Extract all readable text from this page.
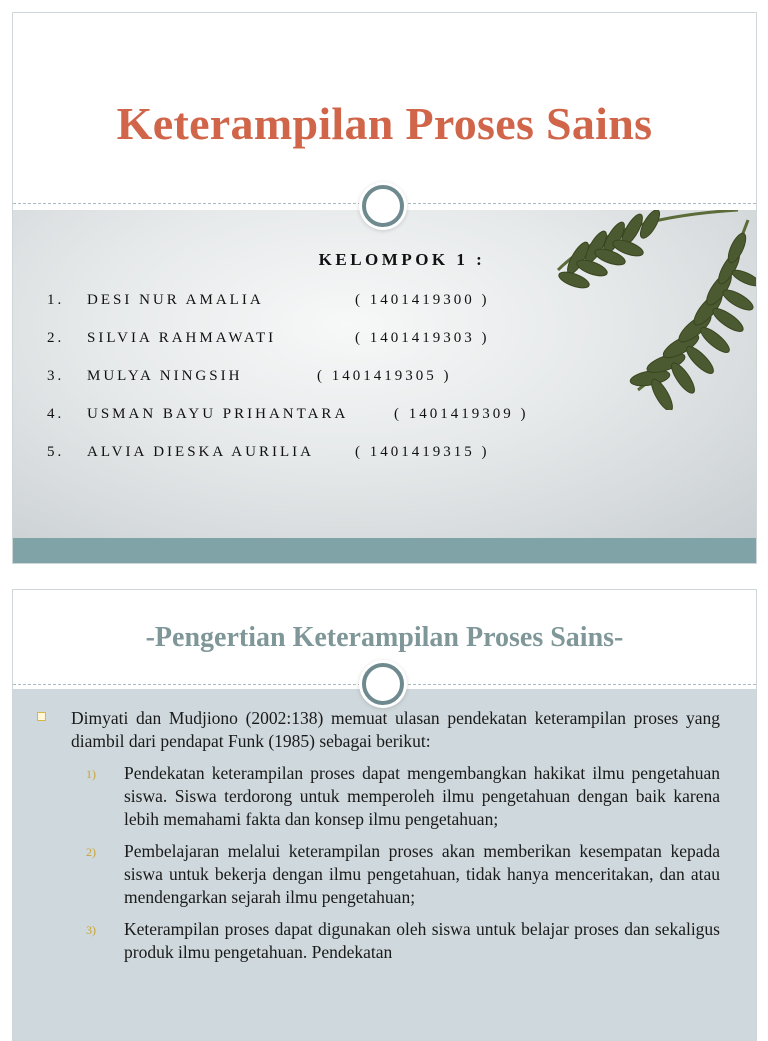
Keterampilan Proses Sains
KELOMPOK 1 :
1. DESI NUR AMALIA	( 1401419300 )
2. SILVIA RAHMAWATI	( 1401419303 )
3. MULYA NINGSIH	( 1401419305 )
4. USMAN BAYU PRIHANTARA	( 1401419309 )
5. ALVIA DIESKA AURILIA	( 1401419315 )
-Pengertian Keterampilan Proses Sains-
Dimyati dan Mudjiono (2002:138) memuat ulasan pendekatan keterampilan proses yang diambil dari pendapat Funk (1985) sebagai berikut:
1) Pendekatan keterampilan proses dapat mengembangkan hakikat ilmu pengetahuan siswa. Siswa terdorong untuk memperoleh ilmu pengetahuan dengan baik karena lebih memahami fakta dan konsep ilmu pengetahuan;
2) Pembelajaran melalui keterampilan proses akan memberikan kesempatan kepada siswa untuk bekerja dengan ilmu pengetahuan, tidak hanya menceritakan, dan atau mendengarkan sejarah ilmu pengetahuan;
3) Keterampilan proses dapat digunakan oleh siswa untuk belajar proses dan sekaligus produk ilmu pengetahuan. Pendekatan
